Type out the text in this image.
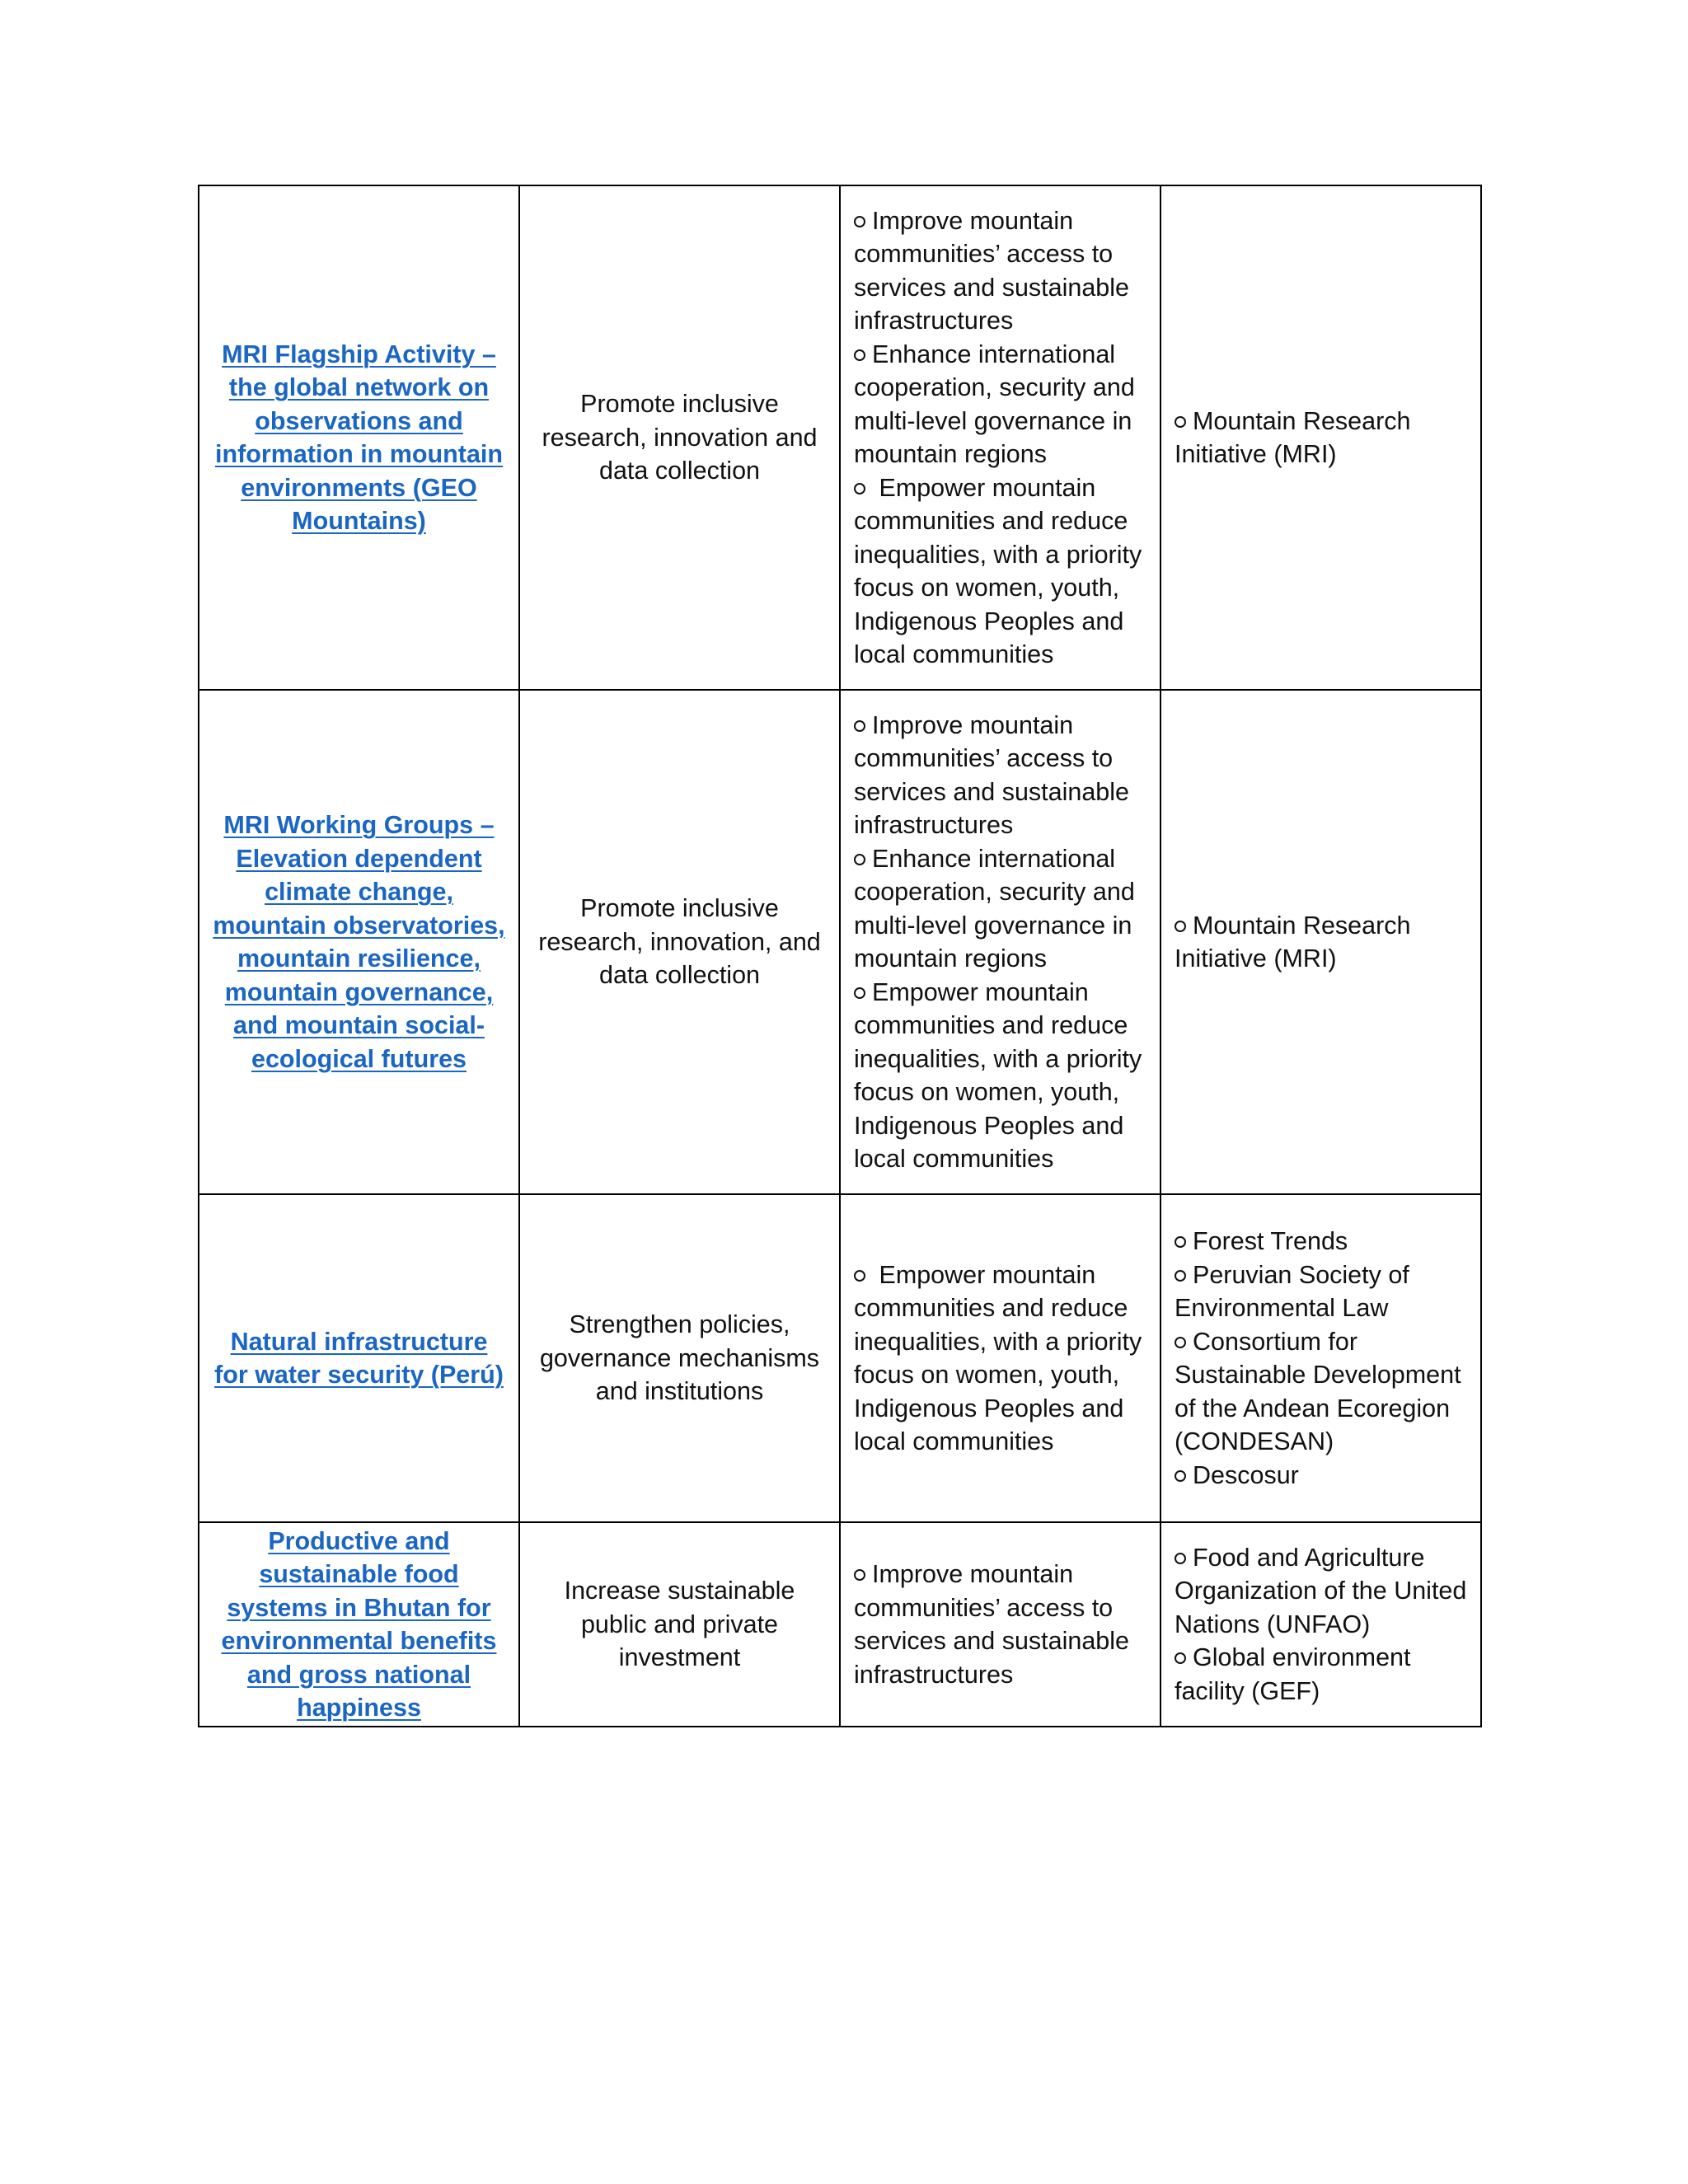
MRI Flagship Activity – the global network on observations and information in mountain environments (GEO Mountains)	Promote inclusive research, innovation and data collection	Improve mountain communities’ access to services and sustainable infrastructures
Enhance international cooperation, security and multi-level governance in mountain regions
Empower mountain communities and reduce inequalities, with a priority focus on women, youth, Indigenous Peoples and local communities	Mountain Research Initiative (MRI)

MRI Working Groups – Elevation dependent climate change, mountain observatories, mountain resilience, mountain governance, and mountain social-ecological futures	Promote inclusive research, innovation, and data collection	Improve mountain communities’ access to services and sustainable infrastructures
Enhance international cooperation, security and multi-level governance in mountain regions
Empower mountain communities and reduce inequalities, with a priority focus on women, youth, Indigenous Peoples and local communities	Mountain Research Initiative (MRI)

Natural infrastructure for water security (Perú)	Strengthen policies, governance mechanisms and institutions	Empower mountain communities and reduce inequalities, with a priority focus on women, youth, Indigenous Peoples and local communities	Forest Trends
Peruvian Society of Environmental Law
Consortium for Sustainable Development of the Andean Ecoregion (CONDESAN)
Descosur

Productive and sustainable food systems in Bhutan for environmental benefits and gross national happiness	Increase sustainable public and private investment	Improve mountain communities’ access to services and sustainable infrastructures	Food and Agriculture Organization of the United Nations (UNFAO)
Global environment facility (GEF)
